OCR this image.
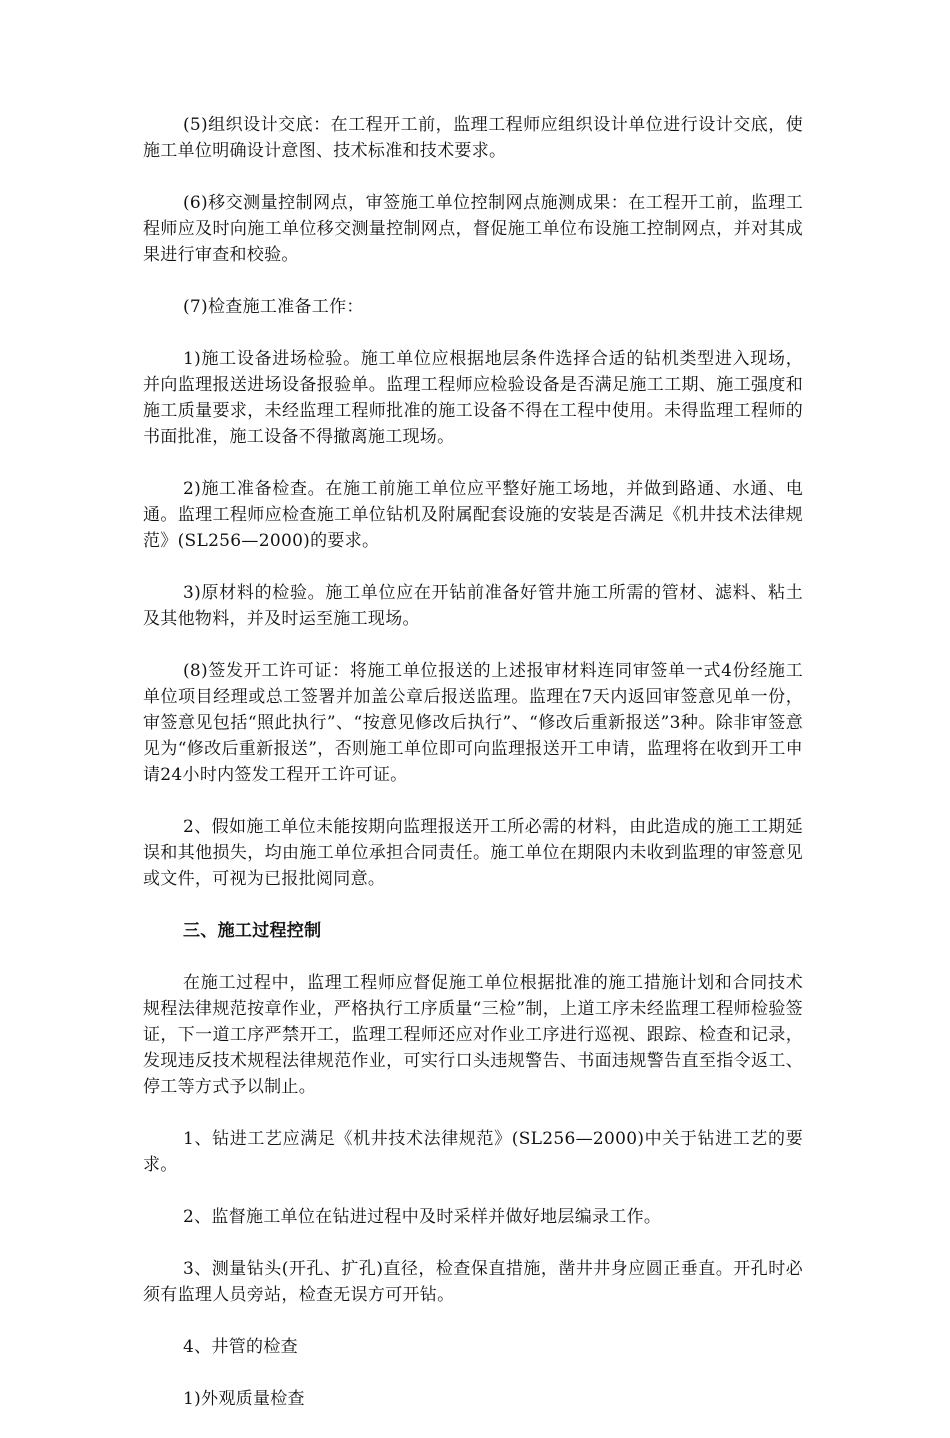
(5)组织设计交底：在工程开工前，监理工程师应组织设计单位进行设计交底，使施工单位明确设计意图、技术标准和技术要求。

(6)移交测量控制网点，审签施工单位控制网点施测成果：在工程开工前，监理工程师应及时向施工单位移交测量控制网点，督促施工单位布设施工控制网点，并对其成果进行审查和校验。

(7)检查施工准备工作：

1)施工设备进场检验。施工单位应根据地层条件选择合适的钻机类型进入现场，并向监理报送进场设备报验单。监理工程师应检验设备是否满足施工工期、施工强度和施工质量要求，未经监理工程师批准的施工设备不得在工程中使用。未得监理工程师的书面批准，施工设备不得撤离施工现场。

2)施工准备检查。在施工前施工单位应平整好施工场地，并做到路通、水通、电通。监理工程师应检查施工单位钻机及附属配套设施的安装是否满足《机井技术法律规范》(SL256—2000)的要求。

3)原材料的检验。施工单位应在开钻前准备好管井施工所需的管材、滤料、粘土及其他物料，并及时运至施工现场。

(8)签发开工许可证：将施工单位报送的上述报审材料连同审签单一式4份经施工单位项目经理或总工签署并加盖公章后报送监理。监理在7天内返回审签意见单一份，审签意见包括“照此执行”、“按意见修改后执行”、“修改后重新报送”3种。除非审签意见为“修改后重新报送”，否则施工单位即可向监理报送开工申请，监理将在收到开工申请24小时内签发工程开工许可证。

2、假如施工单位未能按期向监理报送开工所必需的材料，由此造成的施工工期延误和其他损失，均由施工单位承担合同责任。施工单位在期限内未收到监理的审签意见或文件，可视为已报批阅同意。

三、施工过程控制

在施工过程中，监理工程师应督促施工单位根据批准的施工措施计划和合同技术规程法律规范按章作业，严格执行工序质量“三检”制，上道工序未经监理工程师检验签证，下一道工序严禁开工，监理工程师还应对作业工序进行巡视、跟踪、检查和记录，发现违反技术规程法律规范作业，可实行口头违规警告、书面违规警告直至指令返工、停工等方式予以制止。

1、钻进工艺应满足《机井技术法律规范》(SL256—2000)中关于钻进工艺的要求。

2、监督施工单位在钻进过程中及时采样并做好地层编录工作。

3、测量钻头(开孔、扩孔)直径，检查保直措施，凿井井身应圆正垂直。开孔时必须有监理人员旁站，检查无误方可开钻。

4、井管的检查

1)外观质量检查
